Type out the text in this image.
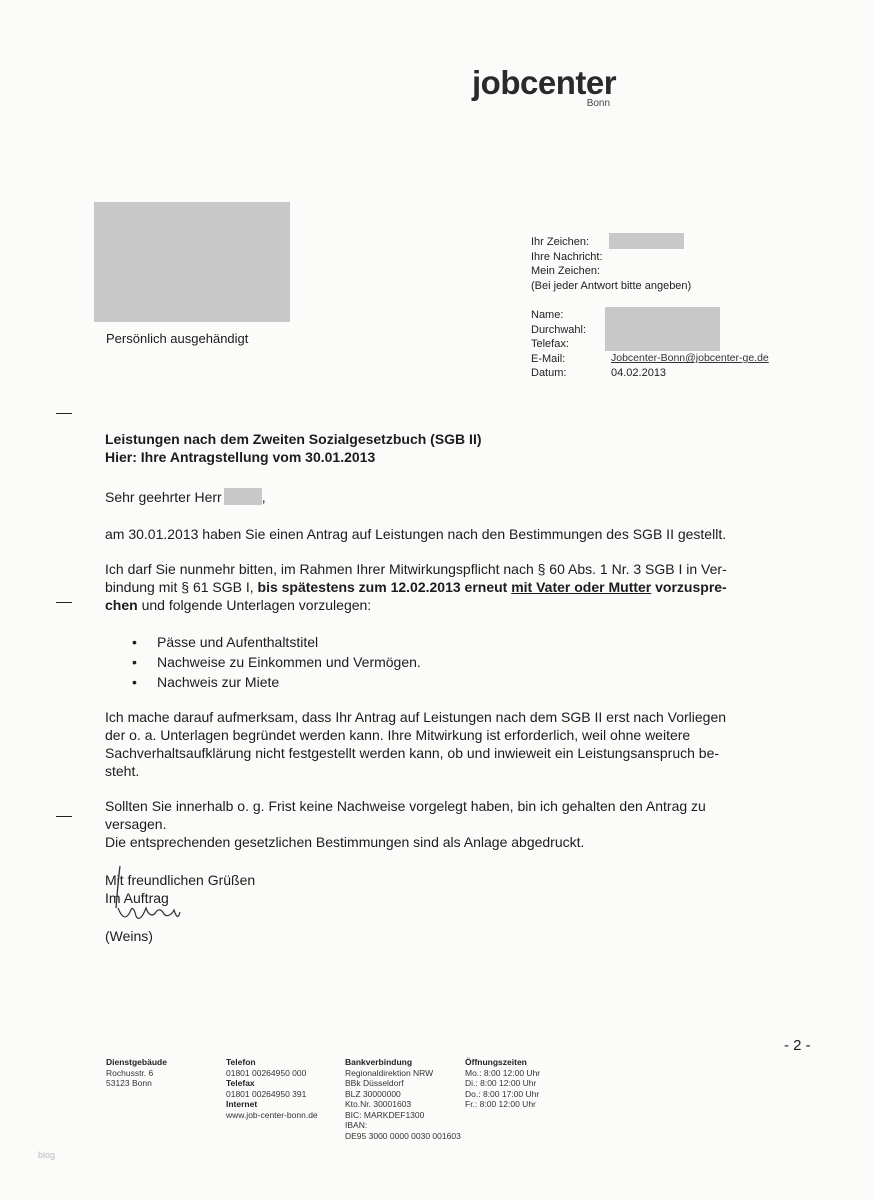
jobcenter
Bonn
Persönlich ausgehändigt
Ihr Zeichen:
Ihre Nachricht:
Mein Zeichen:
(Bei jeder Antwort bitte angeben)
Name:
Durchwahl:
Telefax:
E-Mail:
Datum:
Jobcenter-Bonn@jobcenter-ge.de
04.02.2013
Leistungen nach dem Zweiten Sozialgesetzbuch (SGB II)
Hier: Ihre Antragstellung vom 30.01.2013
Sehr geehrter Herr	,
am 30.01.2013 haben Sie einen Antrag auf Leistungen nach den Bestimmungen des SGB II gestellt.
Ich darf Sie nunmehr bitten, im Rahmen Ihrer Mitwirkungspflicht nach § 60 Abs. 1 Nr. 3 SGB I in Ver-
bindung mit § 61 SGB I, bis spätestens zum 12.02.2013 erneut mit Vater oder Mutter vorzuspre-
chen und folgende Unterlagen vorzulegen:
• Pässe und Aufenthaltstitel
• Nachweise zu Einkommen und Vermögen.
• Nachweis zur Miete
Ich mache darauf aufmerksam, dass Ihr Antrag auf Leistungen nach dem SGB II erst nach Vorliegen
der o. a. Unterlagen begründet werden kann. Ihre Mitwirkung ist erforderlich, weil ohne weitere
Sachverhaltsaufklärung nicht festgestellt werden kann, ob und inwieweit ein Leistungsanspruch be-
steht.
Sollten Sie innerhalb o. g. Frist keine Nachweise vorgelegt haben, bin ich gehalten den Antrag zu
versagen.
Die entsprechenden gesetzlichen Bestimmungen sind als Anlage abgedruckt.
Mit freundlichen Grüßen
Im Auftrag
(Weins)
- 2 -
Dienstgebäude
Rochusstr. 6
53123 Bonn
Telefon
01801 00264950 000
Telefax
01801 00264950 391
Internet
www.job-center-bonn.de
Bankverbindung
Regionaldirektion NRW
BBk Düsseldorf
BLZ 30000000
Kto.Nr. 30001603
BIC: MARKDEF1300
IBAN:
DE95 3000 0000 0030 001603
Öffnungszeiten
Mo.: 8:00 12:00 Uhr
Di.: 8:00 12:00 Uhr
Do.: 8:00 17:00 Uhr
Fr.: 8:00 12:00 Uhr
blog
